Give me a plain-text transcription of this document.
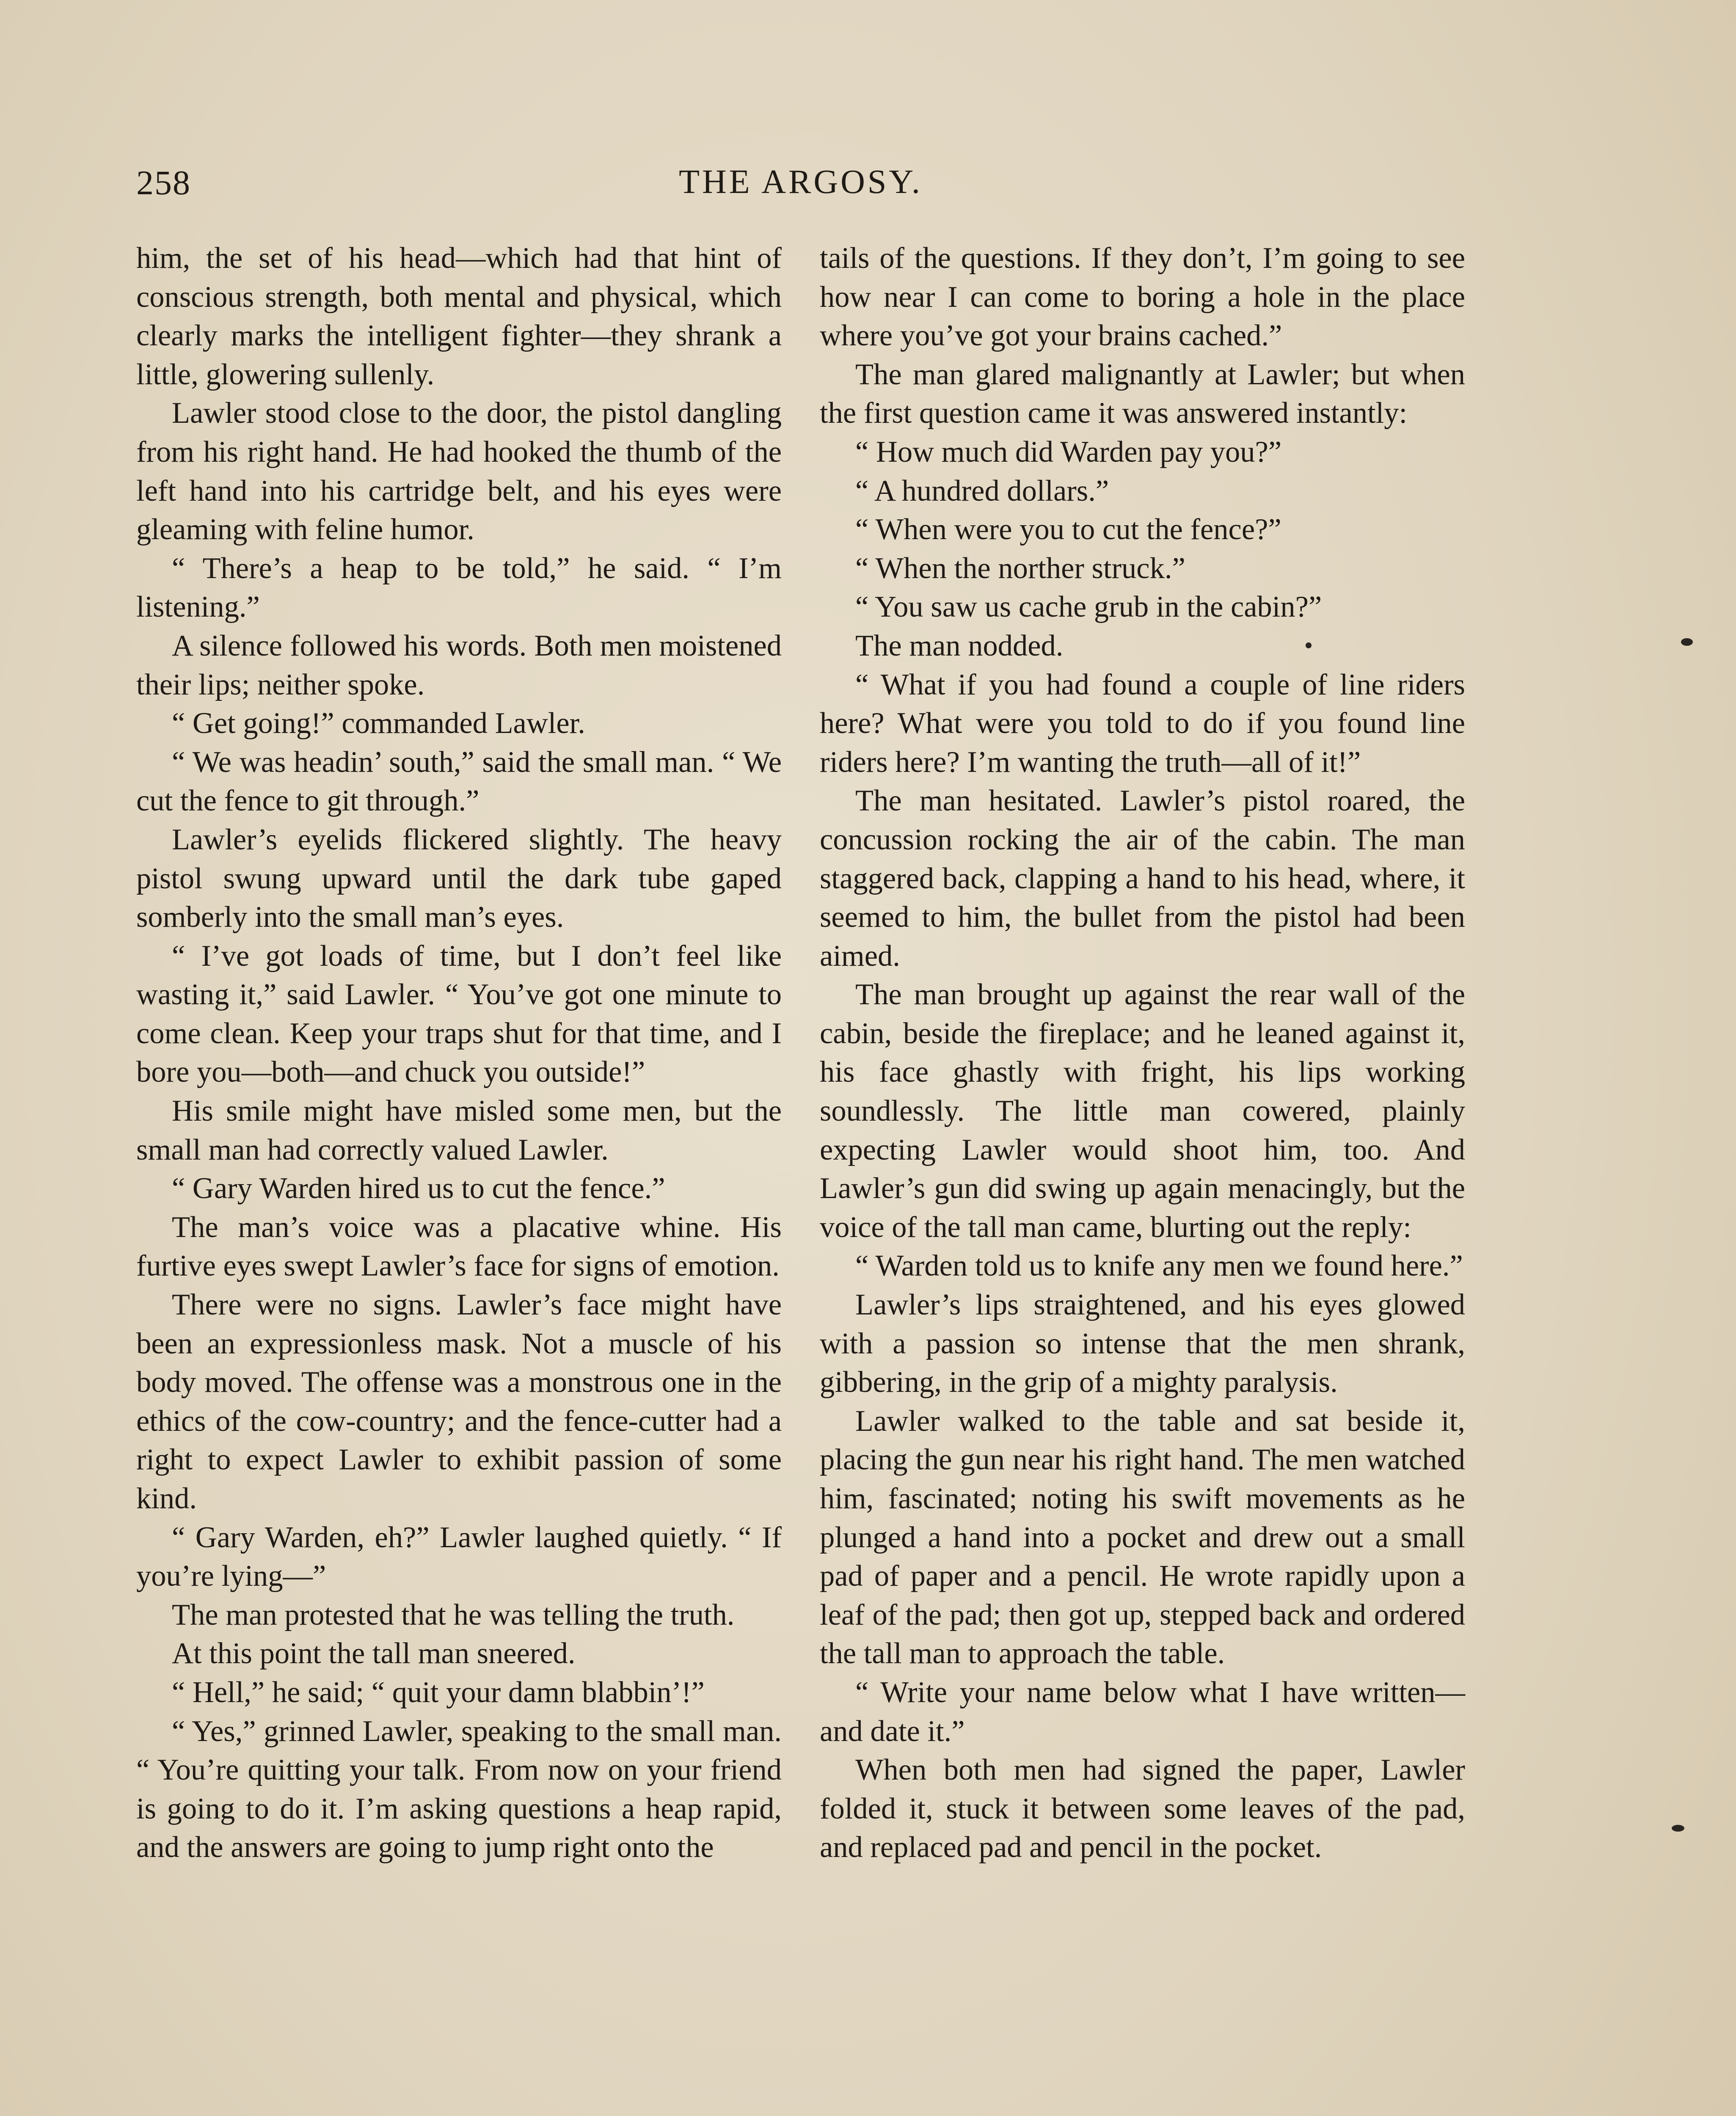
258	THE ARGOSY.

him, the set of his head—which had that hint of conscious strength, both mental and physical, which clearly marks the intelligent fighter—they shrank a little, glowering sullenly.

Lawler stood close to the door, the pistol dangling from his right hand. He had hooked the thumb of the left hand into his cartridge belt, and his eyes were gleaming with feline humor.

“ There’s a heap to be told,” he said. “ I’m listening.”

A silence followed his words. Both men moistened their lips; neither spoke.

“ Get going!” commanded Lawler.

“ We was headin’ south,” said the small man. “ We cut the fence to git through.”

Lawler’s eyelids flickered slightly. The heavy pistol swung upward until the dark tube gaped somberly into the small man’s eyes.

“ I’ve got loads of time, but I don’t feel like wasting it,” said Lawler. “ You’ve got one minute to come clean. Keep your traps shut for that time, and I bore you—both—and chuck you outside!”

His smile might have misled some men, but the small man had correctly valued Lawler.

“ Gary Warden hired us to cut the fence.”

The man’s voice was a placative whine. His furtive eyes swept Lawler’s face for signs of emotion.

There were no signs. Lawler’s face might have been an expressionless mask. Not a muscle of his body moved. The offense was a monstrous one in the ethics of the cow-country; and the fence-cutter had a right to expect Lawler to exhibit passion of some kind.

“ Gary Warden, eh?” Lawler laughed quietly. “ If you’re lying—”

The man protested that he was telling the truth.

At this point the tall man sneered.

“ Hell,” he said; “ quit your damn blabbin’!”

“ Yes,” grinned Lawler, speaking to the small man. “ You’re quitting your talk. From now on your friend is going to do it. I’m asking questions a heap rapid, and the answers are going to jump right onto the

tails of the questions. If they don’t, I’m going to see how near I can come to boring a hole in the place where you’ve got your brains cached.”

The man glared malignantly at Lawler; but when the first question came it was answered instantly:

“ How much did Warden pay you?”

“ A hundred dollars.”

“ When were you to cut the fence?”

“ When the norther struck.”

“ You saw us cache grub in the cabin?”

The man nodded.

“ What if you had found a couple of line riders here? What were you told to do if you found line riders here? I’m wanting the truth—all of it!”

The man hesitated. Lawler’s pistol roared, the concussion rocking the air of the cabin. The man staggered back, clapping a hand to his head, where, it seemed to him, the bullet from the pistol had been aimed.

The man brought up against the rear wall of the cabin, beside the fireplace; and he leaned against it, his face ghastly with fright, his lips working soundlessly. The little man cowered, plainly expecting Lawler would shoot him, too. And Lawler’s gun did swing up again menacingly, but the voice of the tall man came, blurting out the reply:

“ Warden told us to knife any men we found here.”

Lawler’s lips straightened, and his eyes glowed with a passion so intense that the men shrank, gibbering, in the grip of a mighty paralysis.

Lawler walked to the table and sat beside it, placing the gun near his right hand. The men watched him, fascinated; noting his swift movements as he plunged a hand into a pocket and drew out a small pad of paper and a pencil. He wrote rapidly upon a leaf of the pad; then got up, stepped back and ordered the tall man to approach the table.

“ Write your name below what I have written—and date it.”

When both men had signed the paper, Lawler folded it, stuck it between some leaves of the pad, and replaced pad and pencil in the pocket.
